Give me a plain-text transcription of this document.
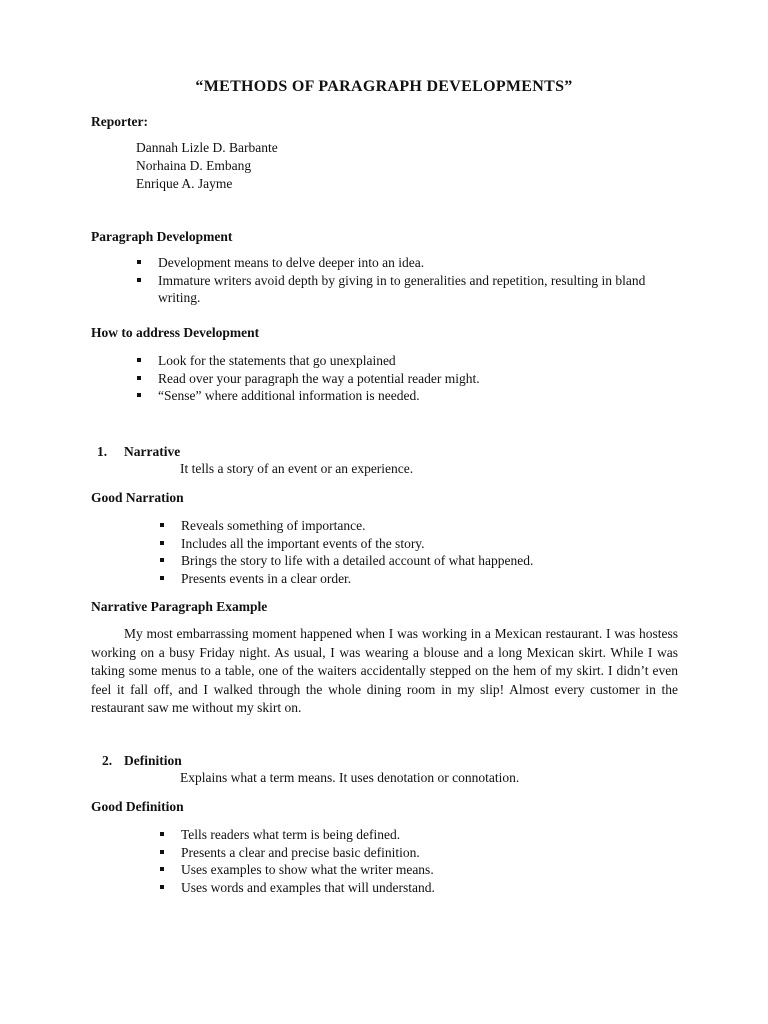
“METHODS OF PARAGRAPH DEVELOPMENTS”
Reporter:
Dannah Lizle D. Barbante
Norhaina D. Embang
Enrique A. Jayme
Paragraph Development
Development means to delve deeper into an idea.
Immature writers avoid depth by giving in to generalities and repetition, resulting in bland writing.
How to address Development
Look for the statements that go unexplained
Read over your paragraph the way a potential reader might.
“Sense” where additional information is needed.
1. Narrative
It tells a story of an event or an experience.
Good Narration
Reveals something of importance.
Includes all the important events of the story.
Brings the story to life with a detailed account of what happened.
Presents events in a clear order.
Narrative Paragraph Example
My most embarrassing moment happened when I was working in a Mexican restaurant. I was hostess working on a busy Friday night. As usual, I was wearing a blouse and a long Mexican skirt. While I was taking some menus to a table, one of the waiters accidentally stepped on the hem of my skirt. I didn’t even feel it fall off, and I walked through the whole dining room in my slip! Almost every customer in the restaurant saw me without my skirt on.
2. Definition
Explains what a term means. It uses denotation or connotation.
Good Definition
Tells readers what term is being defined.
Presents a clear and precise basic definition.
Uses examples to show what the writer means.
Uses words and examples that will understand.
